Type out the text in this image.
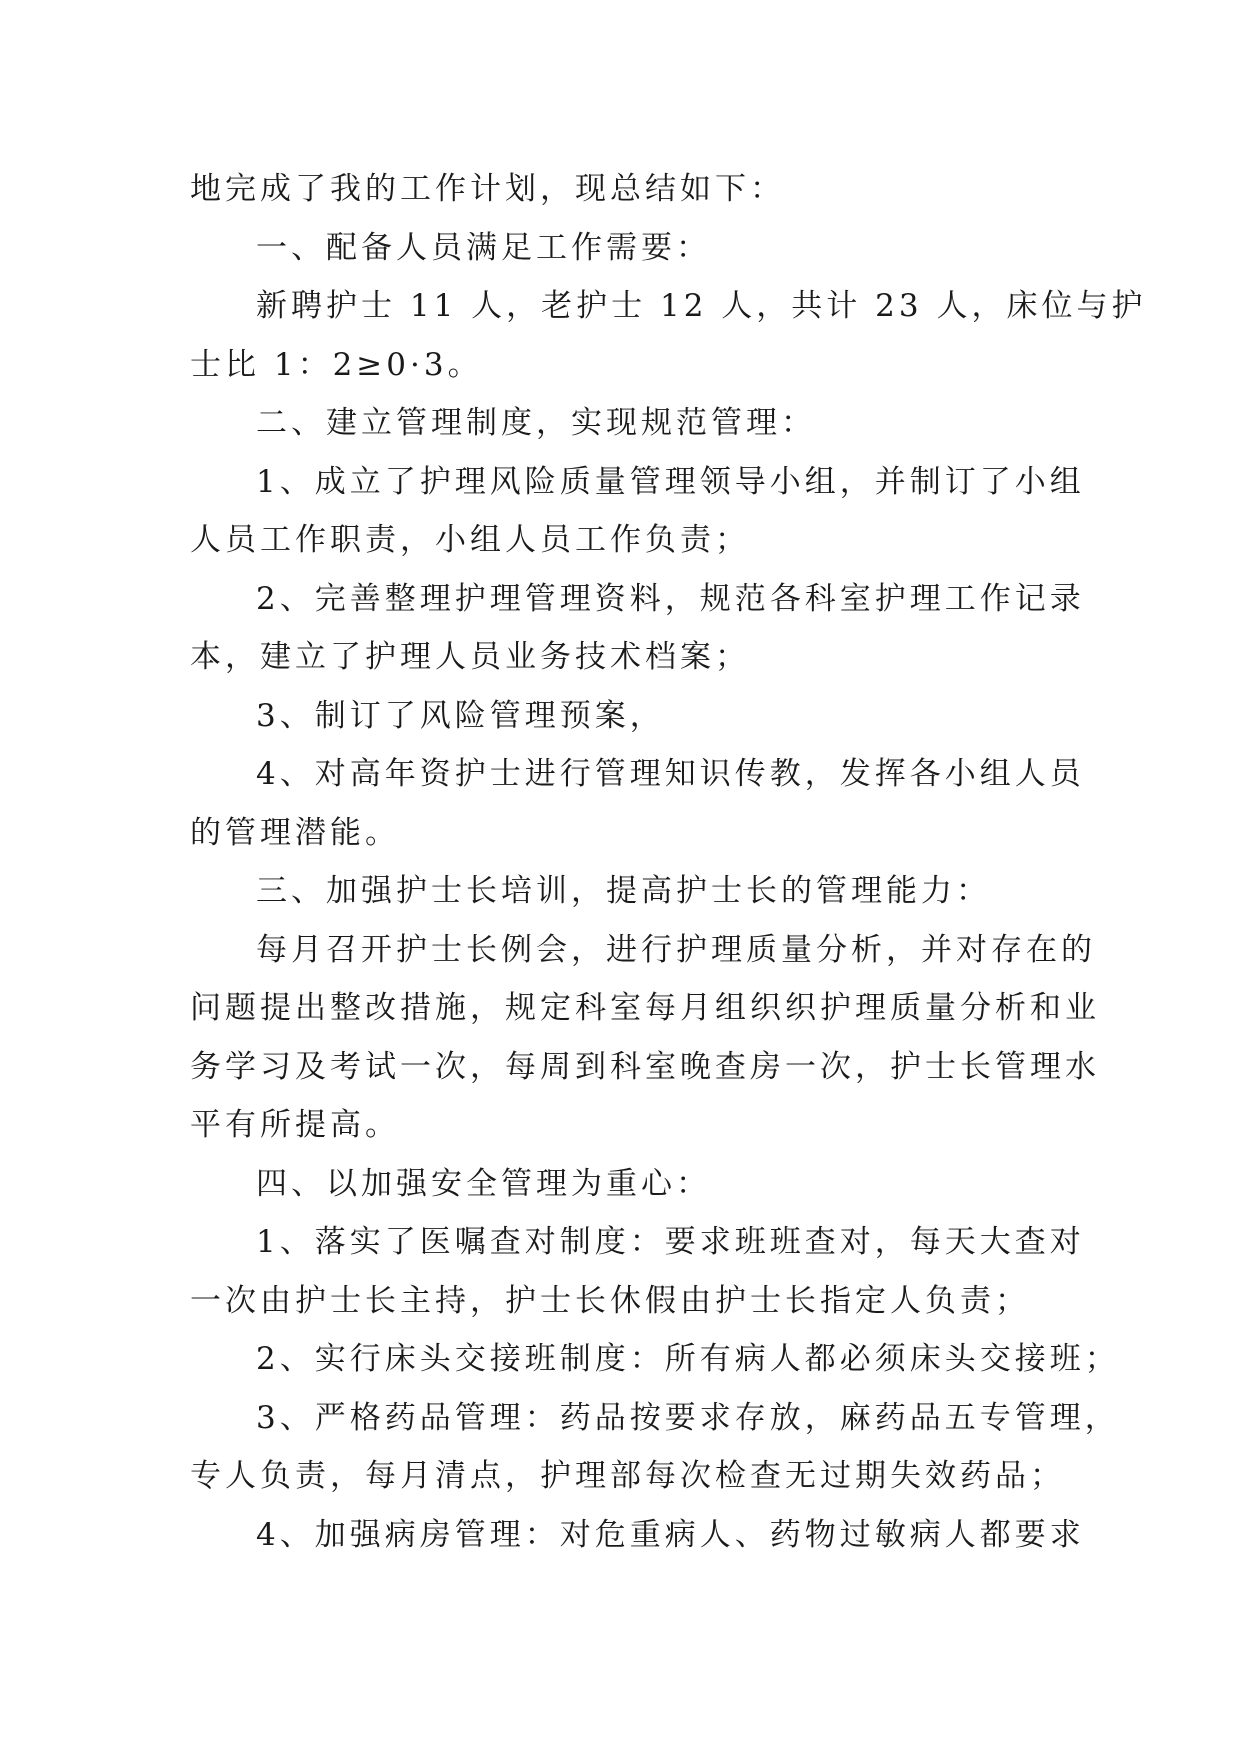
地完成了我的工作计划，现总结如下：
一、配备人员满足工作需要：
新聘护士 11 人，老护士 12 人，共计 23 人，床位与护
士比 1：2≥0·3。
二、建立管理制度，实现规范管理：
1、成立了护理风险质量管理领导小组，并制订了小组
人员工作职责，小组人员工作负责；
2、完善整理护理管理资料，规范各科室护理工作记录
本，建立了护理人员业务技术档案；
3、制订了风险管理预案，
4、对高年资护士进行管理知识传教，发挥各小组人员
的管理潜能。
三、加强护士长培训，提高护士长的管理能力：
每月召开护士长例会，进行护理质量分析，并对存在的
问题提出整改措施，规定科室每月组织织护理质量分析和业
务学习及考试一次，每周到科室晚查房一次，护士长管理水
平有所提高。
四、以加强安全管理为重心：
1、落实了医嘱查对制度：要求班班查对，每天大查对
一次由护士长主持，护士长休假由护士长指定人负责；
2、实行床头交接班制度：所有病人都必须床头交接班；
3、严格药品管理：药品按要求存放，麻药品五专管理，
专人负责，每月清点，护理部每次检查无过期失效药品；
4、加强病房管理：对危重病人、药物过敏病人都要求
